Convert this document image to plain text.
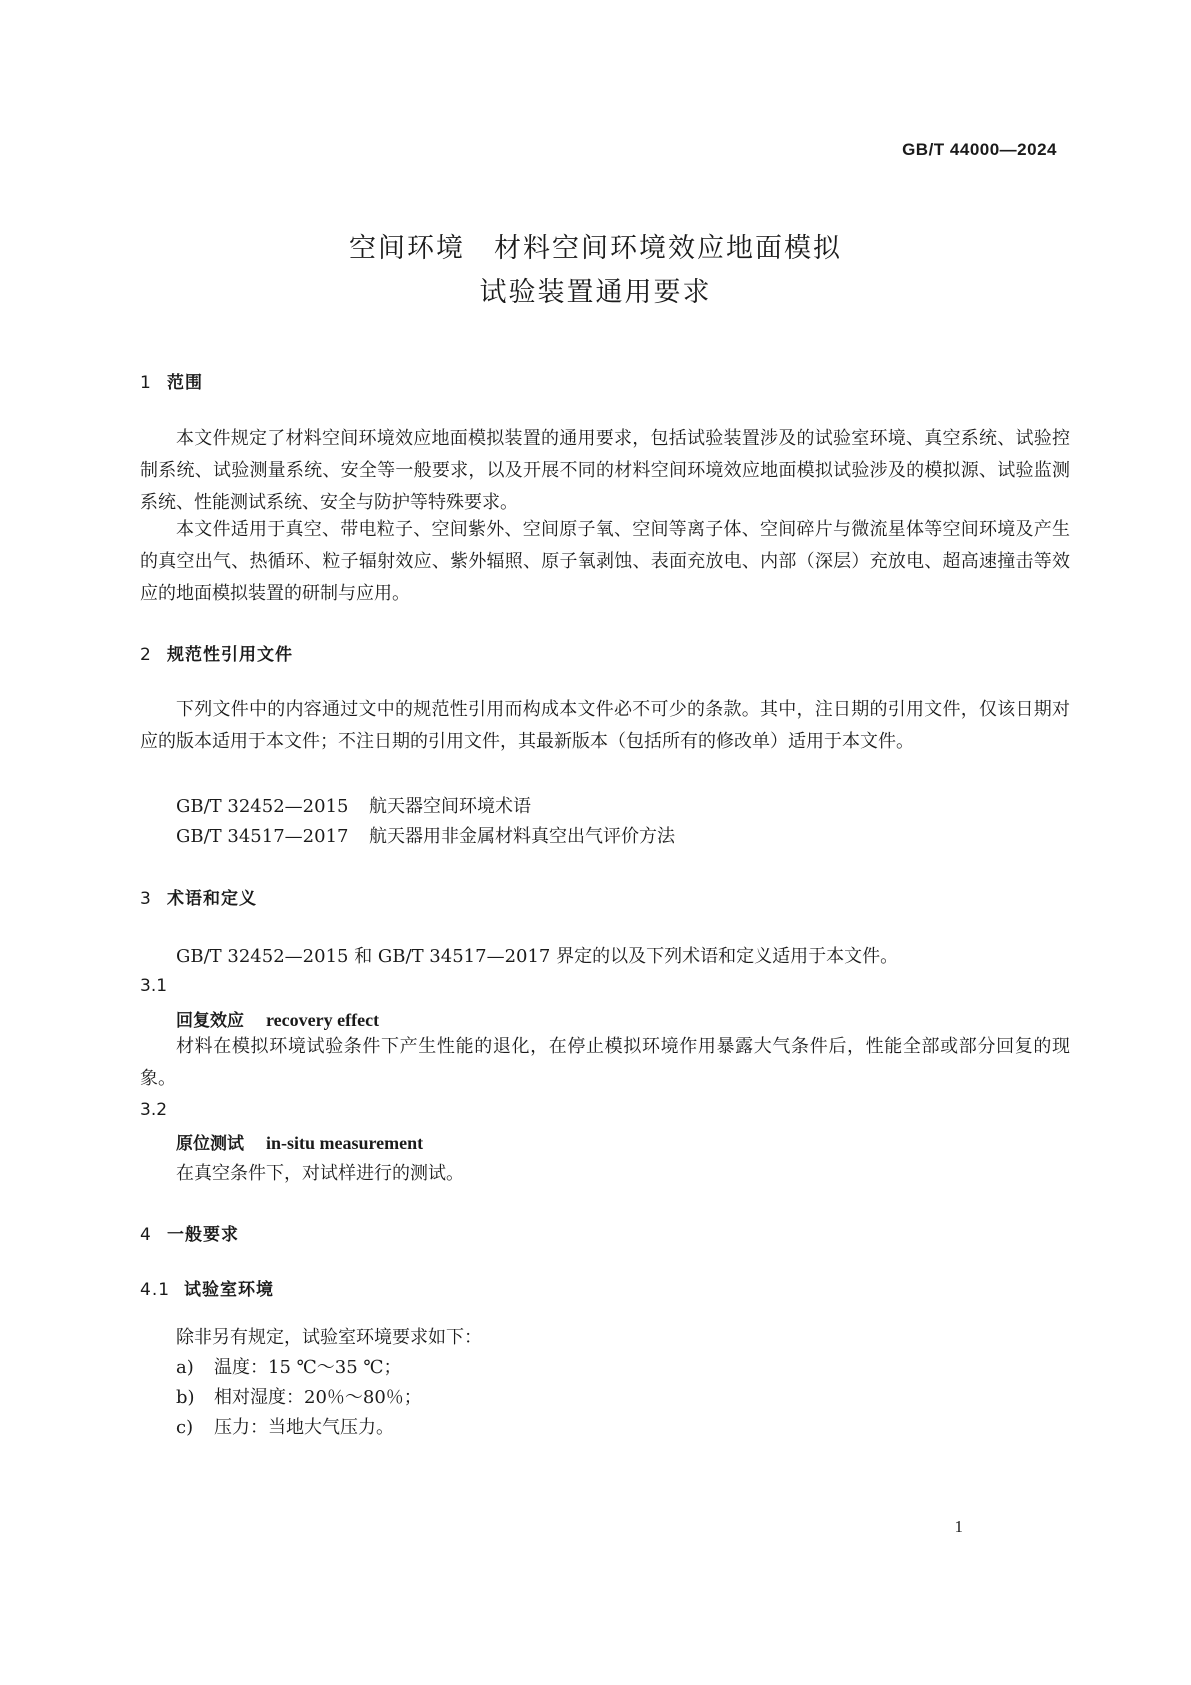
GB/T 44000—2024
空间环境　材料空间环境效应地面模拟
试验装置通用要求
1 范围
本文件规定了材料空间环境效应地面模拟装置的通用要求，包括试验装置涉及的试验室环境、真空系统、试验控制系统、试验测量系统、安全等一般要求，以及开展不同的材料空间环境效应地面模拟试验涉及的模拟源、试验监测系统、性能测试系统、安全与防护等特殊要求。
本文件适用于真空、带电粒子、空间紫外、空间原子氧、空间等离子体、空间碎片与微流星体等空间环境及产生的真空出气、热循环、粒子辐射效应、紫外辐照、原子氧剥蚀、表面充放电、内部（深层）充放电、超高速撞击等效应的地面模拟装置的研制与应用。
2 规范性引用文件
下列文件中的内容通过文中的规范性引用而构成本文件必不可少的条款。其中，注日期的引用文件，仅该日期对应的版本适用于本文件；不注日期的引用文件，其最新版本（包括所有的修改单）适用于本文件。
GB/T 32452—2015 航天器空间环境术语
GB/T 34517—2017 航天器用非金属材料真空出气评价方法
3 术语和定义
GB/T 32452—2015 和 GB/T 34517—2017 界定的以及下列术语和定义适用于本文件。
3.1
回复效应 recovery effect
材料在模拟环境试验条件下产生性能的退化，在停止模拟环境作用暴露大气条件后，性能全部或部分回复的现象。
3.2
原位测试 in-situ measurement
在真空条件下，对试样进行的测试。
4 一般要求
4.1 试验室环境
除非另有规定，试验室环境要求如下：
a) 温度：15 ℃～35 ℃；
b) 相对湿度：20％～80％；
c) 压力：当地大气压力。
1
